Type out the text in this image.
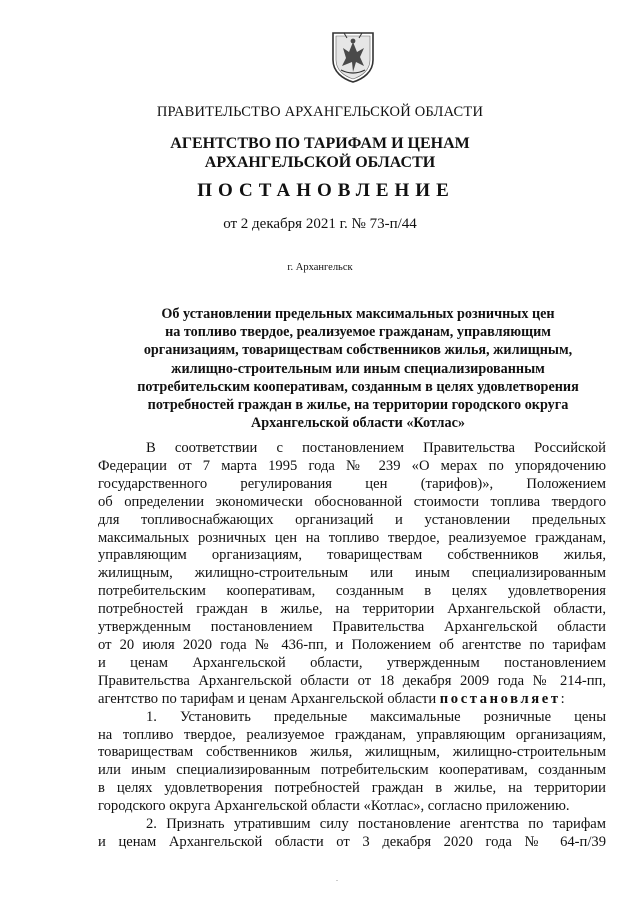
ПРАВИТЕЛЬСТВО АРХАНГЕЛЬСКОЙ ОБЛАСТИ
АГЕНТСТВО ПО ТАРИФАМ И ЦЕНАМ
АРХАНГЕЛЬСКОЙ ОБЛАСТИ
ПОСТАНОВЛЕНИЕ
от 2 декабря 2021 г. № 73-п/44
г. Архангельск
Об установлении предельных максимальных розничных цен
на топливо твердое, реализуемое гражданам, управляющим
организациям, товариществам собственников жилья, жилищным,
жилищно-строительным или иным специализированным
потребительским кооперативам, созданным в целях удовлетворения
потребностей граждан в жилье, на территории городского округа
Архангельской области «Котлас»
В соответствии с постановлением Правительства Российской
Федерации от 7 марта 1995 года № 239 «О мерах по упорядочению
государственного регулирования цен (тарифов)», Положением
об определении экономически обоснованной стоимости топлива твердого
для топливоснабжающих организаций и установлении предельных
максимальных розничных цен на топливо твердое, реализуемое гражданам,
управляющим организациям, товариществам собственников жилья,
жилищным, жилищно-строительным или иным специализированным
потребительским кооперативам, созданным в целях удовлетворения
потребностей граждан в жилье, на территории Архангельской области,
утвержденным постановлением Правительства Архангельской области
от 20 июля 2020 года № 436-пп, и Положением об агентстве по тарифам
и ценам Архангельской области, утвержденным постановлением
Правительства Архангельской области от 18 декабря 2009 года № 214-пп,
агентство по тарифам и ценам Архангельской области постановляет:
1. Установить предельные максимальные розничные цены
на топливо твердое, реализуемое гражданам, управляющим организациям,
товариществам собственников жилья, жилищным, жилищно-строительным
или иным специализированным потребительским кооперативам, созданным
в целях удовлетворения потребностей граждан в жилье, на территории
городского округа Архангельской области «Котлас», согласно приложению.
2. Признать утратившим силу постановление агентства по тарифам
и ценам Архангельской области от 3 декабря 2020 года № 64-п/39
